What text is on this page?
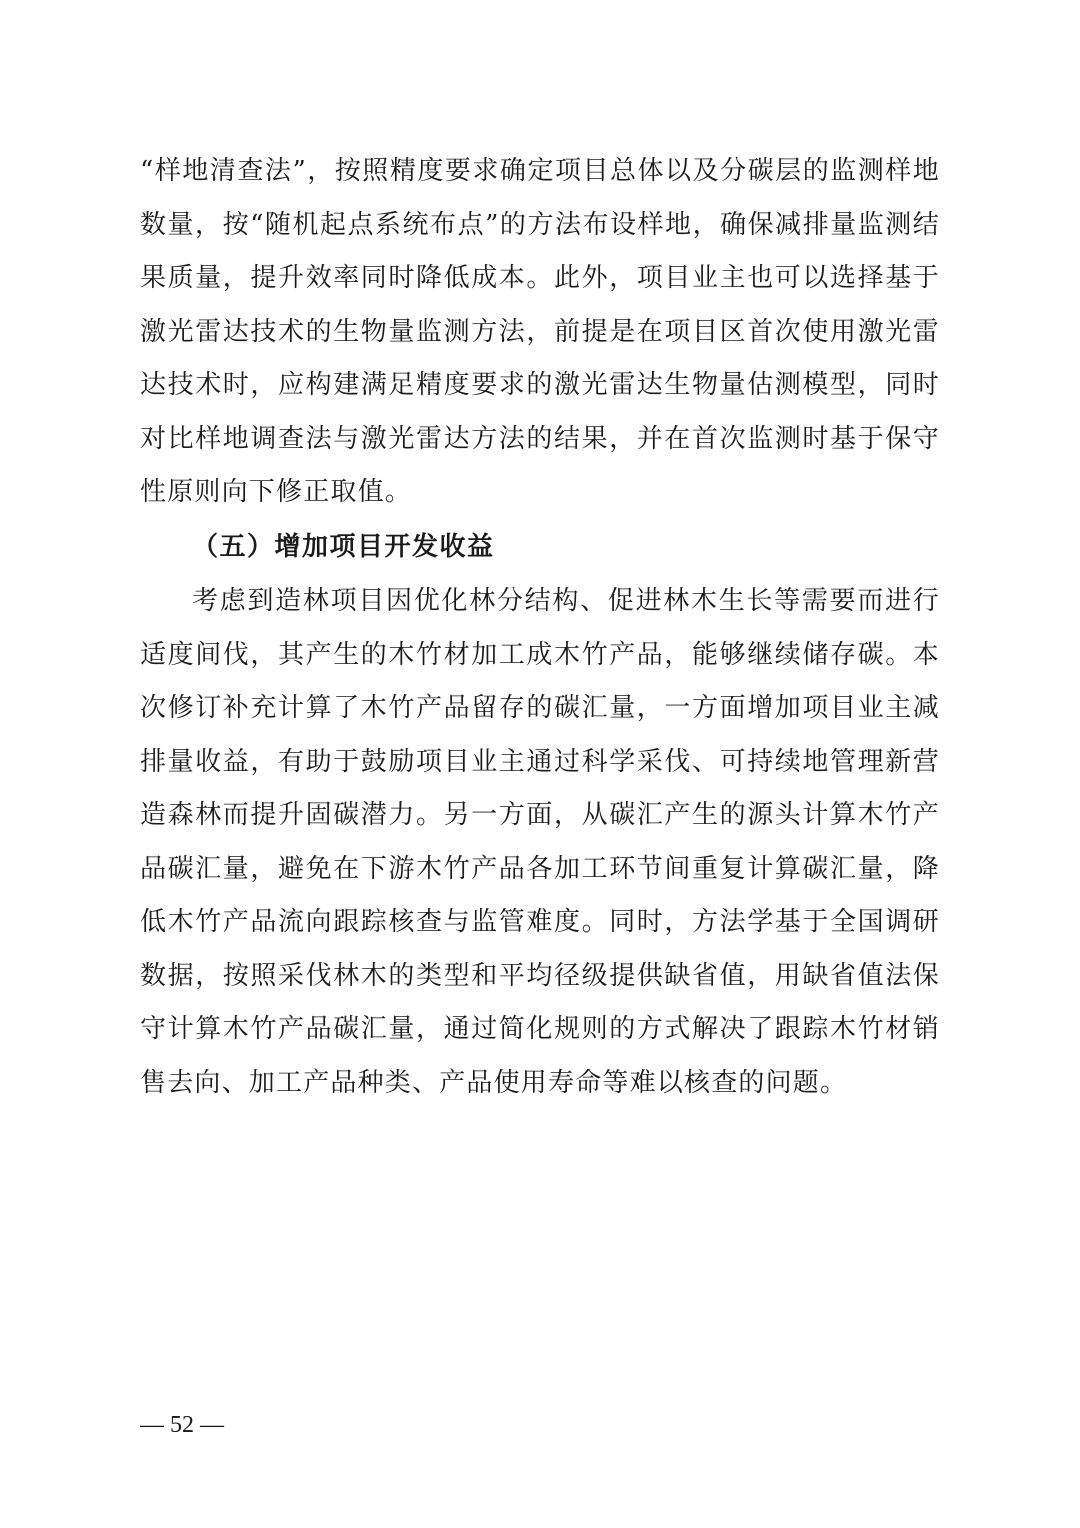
“样地清查法”，按照精度要求确定项目总体以及分碳层的监测样地数量，按“随机起点系统布点”的方法布设样地，确保减排量监测结果质量，提升效率同时降低成本。此外，项目业主也可以选择基于激光雷达技术的生物量监测方法，前提是在项目区首次使用激光雷达技术时，应构建满足精度要求的激光雷达生物量估测模型，同时对比样地调查法与激光雷达方法的结果，并在首次监测时基于保守性原则向下修正取值。

（五）增加项目开发收益

考虑到造林项目因优化林分结构、促进林木生长等需要而进行适度间伐，其产生的木竹材加工成木竹产品，能够继续储存碳。本次修订补充计算了木竹产品留存的碳汇量，一方面增加项目业主减排量收益，有助于鼓励项目业主通过科学采伐、可持续地管理新营造森林而提升固碳潜力。另一方面，从碳汇产生的源头计算木竹产品碳汇量，避免在下游木竹产品各加工环节间重复计算碳汇量，降低木竹产品流向跟踪核查与监管难度。同时，方法学基于全国调研数据，按照采伐林木的类型和平均径级提供缺省值，用缺省值法保守计算木竹产品碳汇量，通过简化规则的方式解决了跟踪木竹材销售去向、加工产品种类、产品使用寿命等难以核查的问题。

— 52 —
